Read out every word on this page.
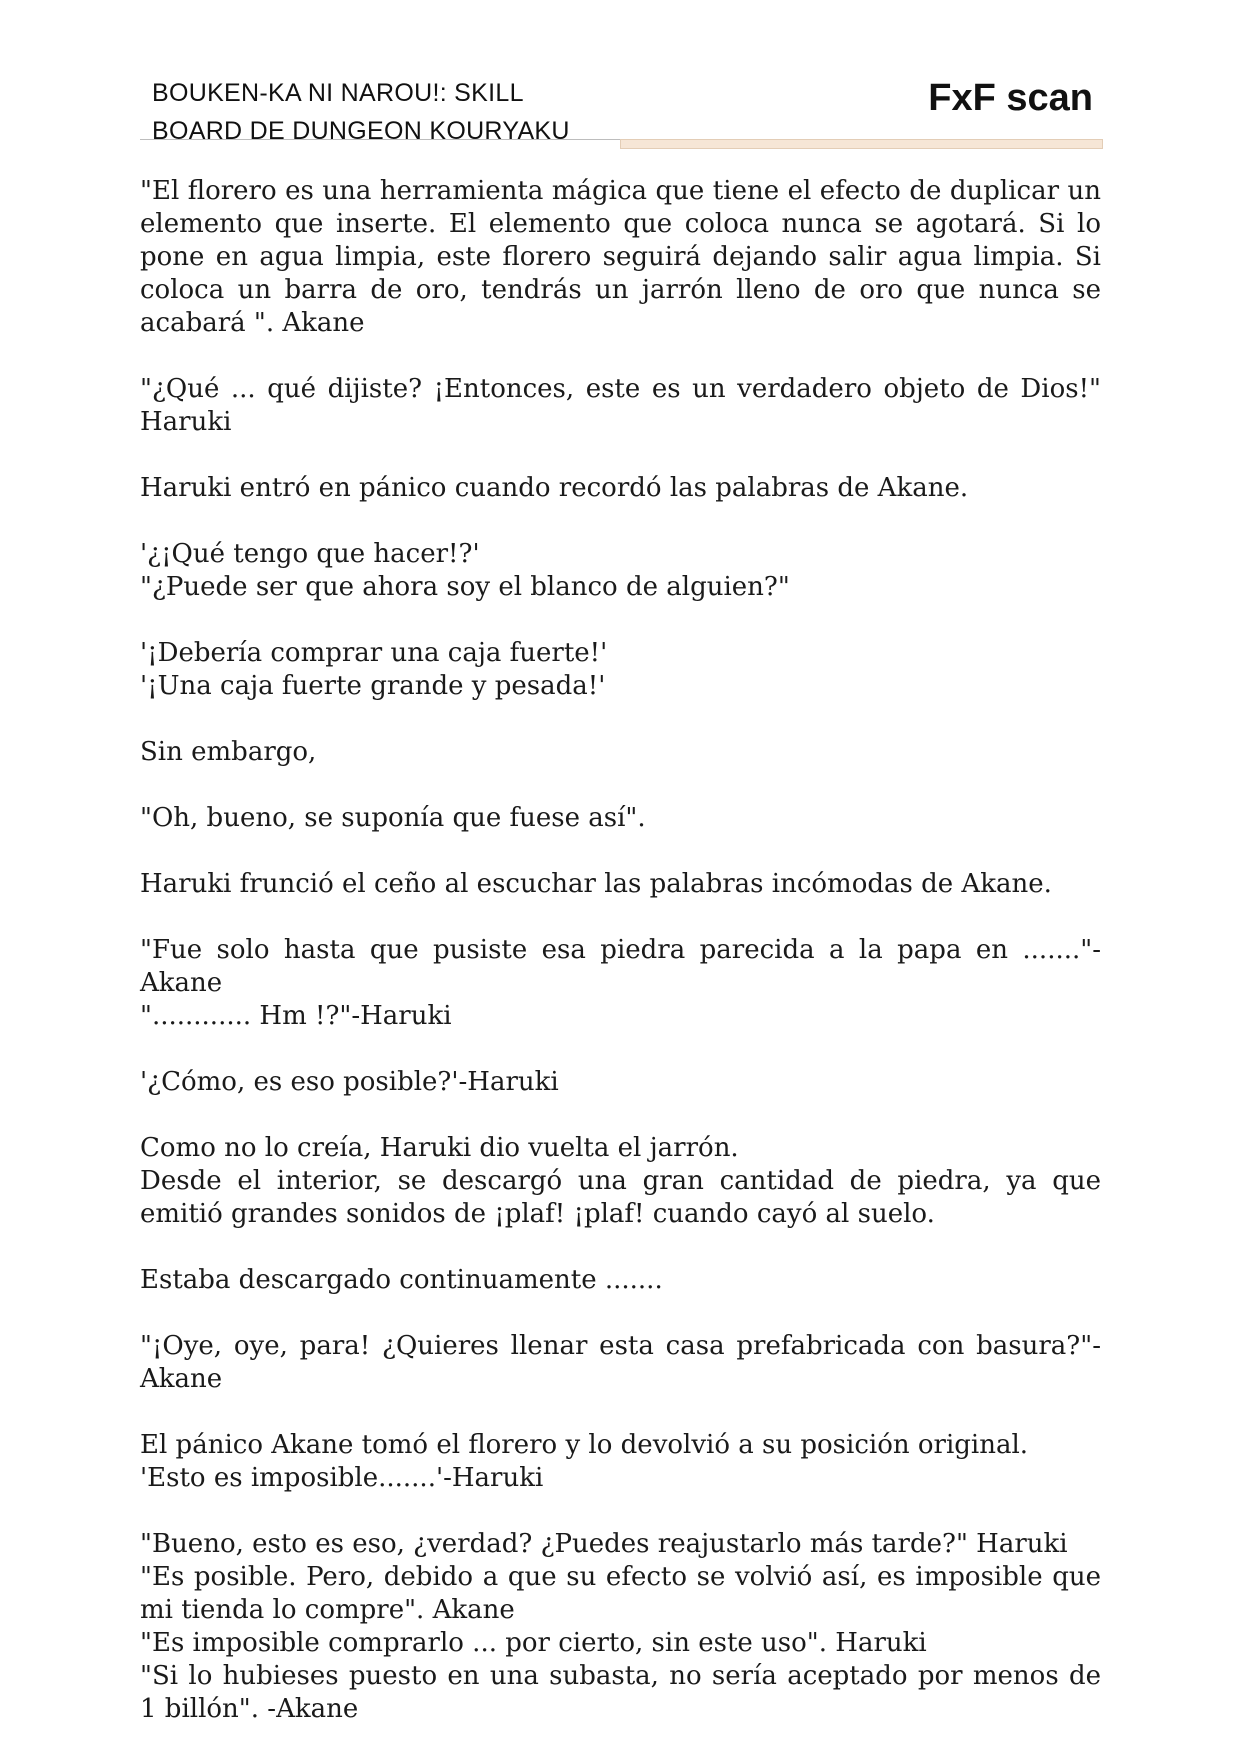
BOUKEN-KA NI NAROU!: SKILL
BOARD DE DUNGEON KOURYAKU
FxF scan
"El florero es una herramienta mágica que tiene el efecto de duplicar un elemento que inserte. El elemento que coloca nunca se agotará. Si lo pone en agua limpia, este florero seguirá dejando salir agua limpia. Si coloca un barra de oro, tendrás un jarrón lleno de oro que nunca se acabará ". Akane
"¿Qué ... qué dijiste? ¡Entonces, este es un verdadero objeto de Dios!" Haruki
Haruki entró en pánico cuando recordó las palabras de Akane.
'¿¡Qué tengo que hacer!?'
"¿Puede ser que ahora soy el blanco de alguien?"
'¡Debería comprar una caja fuerte!'
'¡Una caja fuerte grande y pesada!'
Sin embargo,
"Oh, bueno, se suponía que fuese así".
Haruki frunció el ceño al escuchar las palabras incómodas de Akane.
"Fue solo hasta que pusiste esa piedra parecida a la papa en ......."-Akane
"............ Hm !?"-Haruki
'¿Cómo, es eso posible?'-Haruki
Como no lo creía, Haruki dio vuelta el jarrón.
Desde el interior, se descargó una gran cantidad de piedra, ya que emitió grandes sonidos de ¡plaf! ¡plaf! cuando cayó al suelo.
Estaba descargado continuamente .......
"¡Oye, oye, para! ¿Quieres llenar esta casa prefabricada con basura?"-Akane
El pánico Akane tomó el florero y lo devolvió a su posición original.
'Esto es imposible.......'-Haruki
"Bueno, esto es eso, ¿verdad? ¿Puedes reajustarlo más tarde?" Haruki
"Es posible. Pero, debido a que su efecto se volvió así, es imposible que mi tienda lo compre". Akane
"Es imposible comprarlo ... por cierto, sin este uso". Haruki
"Si lo hubieses puesto en una subasta, no sería aceptado por menos de 1 billón". -Akane
